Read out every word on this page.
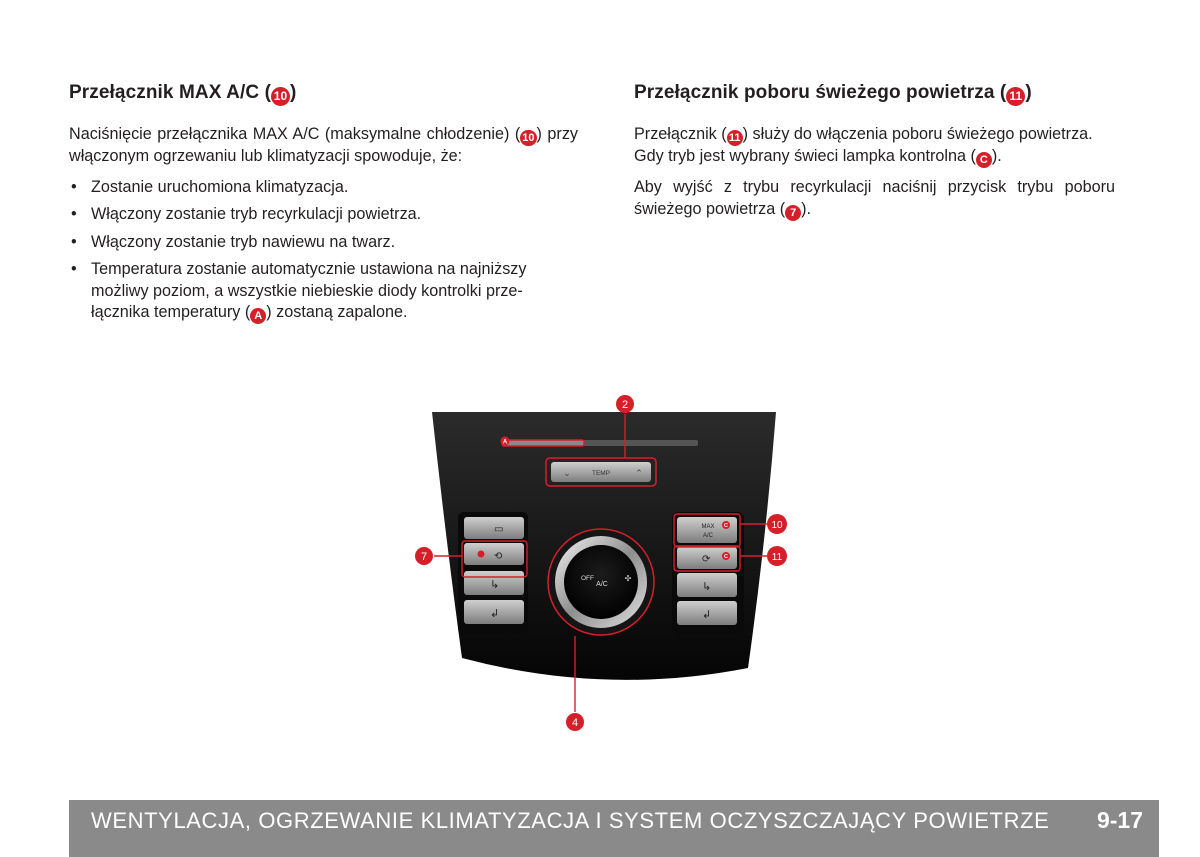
Przełącznik MAX A/C ( 10 )

Naciśnięcie przełącznika MAX A/C (maksymalne chłodzenie) ( 10 ) przy włączonym ogrzewaniu lub klimatyzacji spowoduje, że:

• Zostanie uruchomiona klimatyzacja.
• Włączony zostanie tryb recyrkulacji powietrza.
• Włączony zostanie tryb nawiewu na twarz.
• Temperatura zostanie automatycznie ustawiona na najniższy możliwy poziom, a wszystkie niebieskie diody kontrolki prze-łącznika temperatury ( A ) zostaną zapalone.
Przełącznik poboru świeżego powietrza ( 11 )

Przełącznik ( 11 ) służy do włączenia poboru świeżego powietrza. Gdy tryb jest wybrany świeci lampka kontrolna ( C ).

Aby wyjść z trybu recyrkulacji naciśnij przycisk trybu poboru świeżego powietrza ( 7 ).

A
TEMP
⌄	⌃
▭
⟲
↳
↲
MAX
A/C
C
C
⟳
↳
↲
OFF
A/C
✣
2
10
11
7
4
WENTYLACJA, OGRZEWANIE KLIMATYZACJA I SYSTEM OCZYSZCZAJĄCY POWIETRZE 9-17
